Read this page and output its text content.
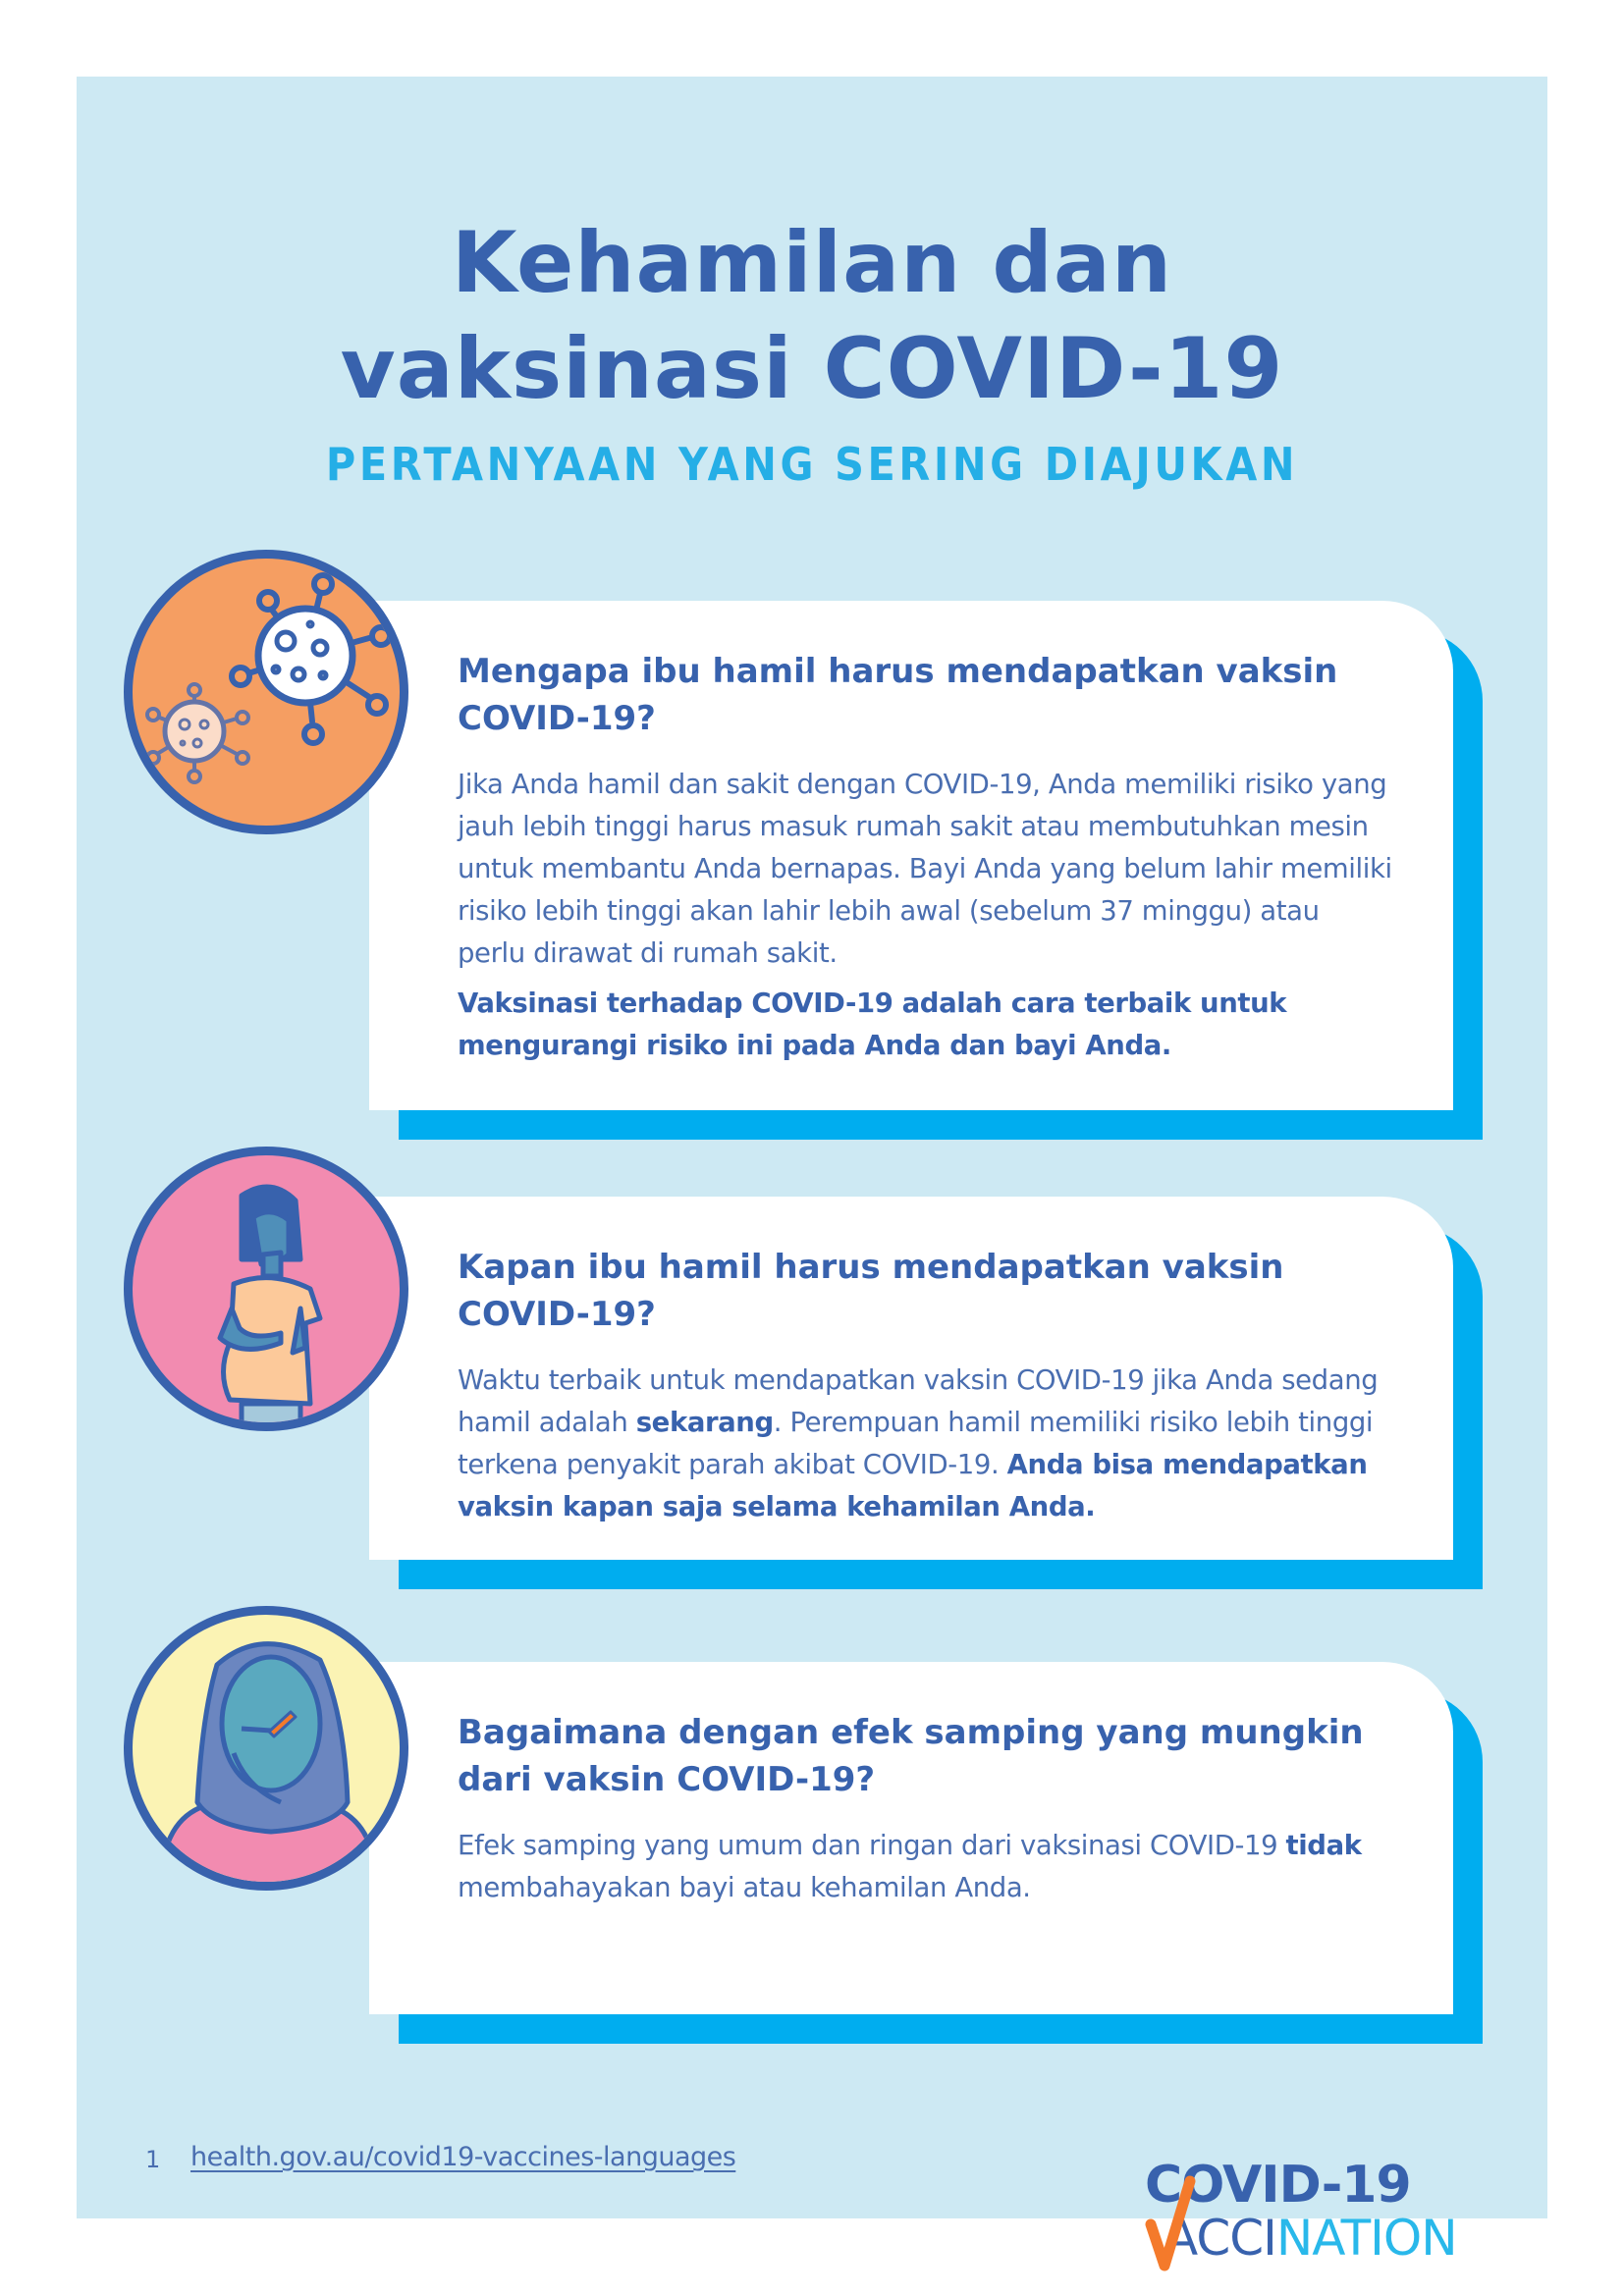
Kehamilan dan
vaksinasi COVID-19
PERTANYAAN YANG SERING DIAJUKAN
Mengapa ibu hamil harus mendapatkan vaksin COVID-19?

Jika Anda hamil dan sakit dengan COVID-19, Anda memiliki risiko yang jauh lebih tinggi harus masuk rumah sakit atau membutuhkan mesin untuk membantu Anda bernapas. Bayi Anda yang belum lahir memiliki risiko lebih tinggi akan lahir lebih awal (sebelum 37 minggu) atau perlu dirawat di rumah sakit.

Vaksinasi terhadap COVID-19 adalah cara terbaik untuk mengurangi risiko ini pada Anda dan bayi Anda.

Kapan ibu hamil harus mendapatkan vaksin COVID-19?

Waktu terbaik untuk mendapatkan vaksin COVID-19 jika Anda sedang hamil adalah sekarang. Perempuan hamil memiliki risiko lebih tinggi terkena penyakit parah akibat COVID-19. Anda bisa mendapatkan vaksin kapan saja selama kehamilan Anda.

Bagaimana dengan efek samping yang mungkin dari vaksin COVID-19?

Efek samping yang umum dan ringan dari vaksinasi COVID-19 tidak membahayakan bayi atau kehamilan Anda.

1 health.gov.au/covid19-vaccines-languages	COVID-19
ACCINATION
